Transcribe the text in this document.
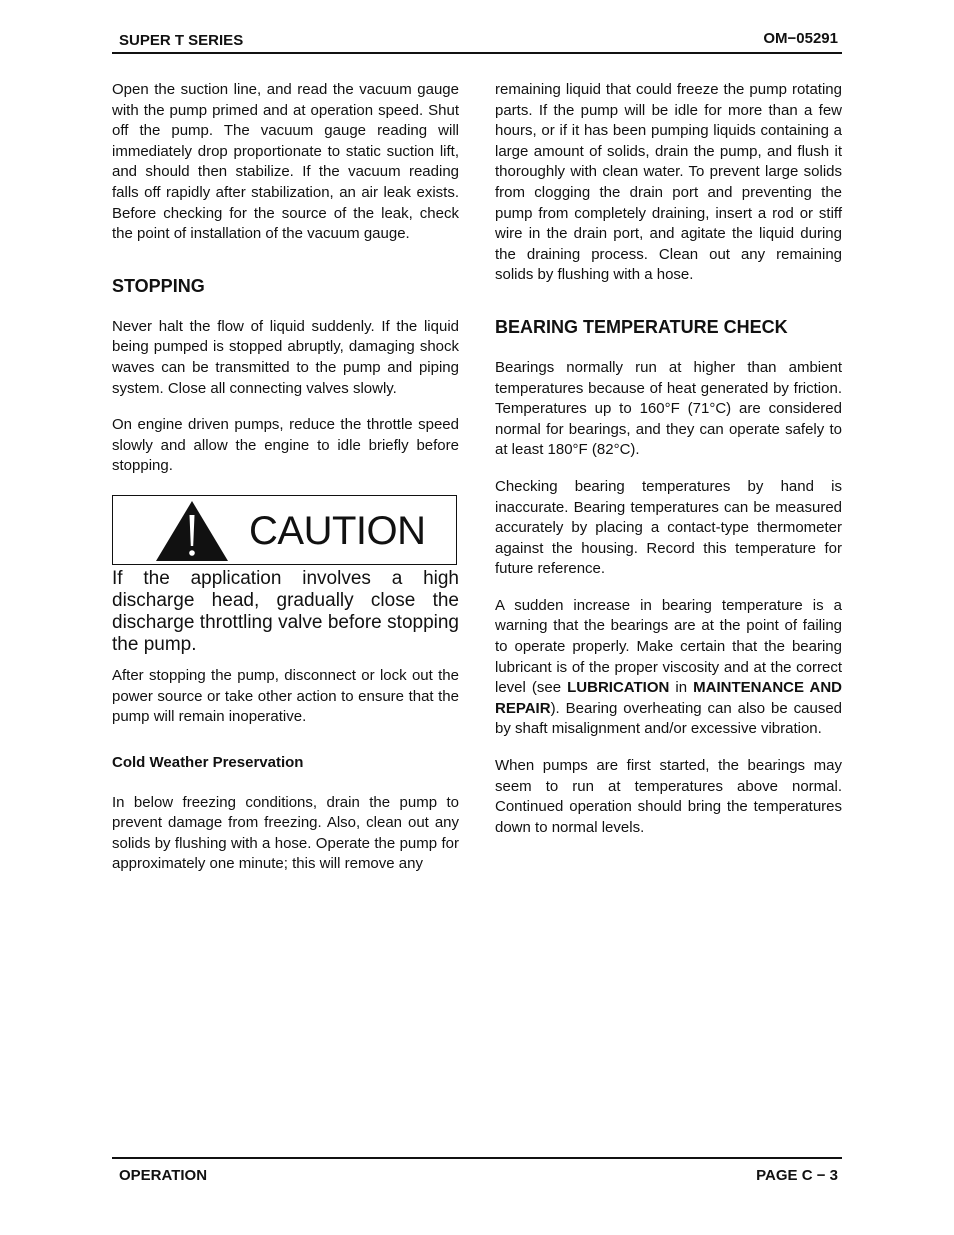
SUPER T SERIES	OM−05291

Open the suction line, and read the vacuum gauge with the pump primed and at operation speed. Shut off the pump. The vacuum gauge reading will immediately drop proportionate to static suction lift, and should then stabilize. If the vacuum reading falls off rapidly after stabilization, an air leak exists. Before checking for the source of the leak, check the point of installation of the vacuum gauge.

STOPPING

Never halt the flow of liquid suddenly. If the liquid being pumped is stopped abruptly, damaging shock waves can be transmitted to the pump and piping system. Close all connecting valves slowly.

On engine driven pumps, reduce the throttle speed slowly and allow the engine to idle briefly before stopping.

CAUTION

If the application involves a high discharge head, gradually close the discharge throttling valve before stopping the pump.

After stopping the pump, disconnect or lock out the power source or take other action to ensure that the pump will remain inoperative.

Cold Weather Preservation

In below freezing conditions, drain the pump to prevent damage from freezing. Also, clean out any solids by flushing with a hose. Operate the pump for approximately one minute; this will remove any

remaining liquid that could freeze the pump rotating parts. If the pump will be idle for more than a few hours, or if it has been pumping liquids containing a large amount of solids, drain the pump, and flush it thoroughly with clean water. To prevent large solids from clogging the drain port and preventing the pump from completely draining, insert a rod or stiff wire in the drain port, and agitate the liquid during the draining process. Clean out any remaining solids by flushing with a hose.

BEARING TEMPERATURE CHECK

Bearings normally run at higher than ambient temperatures because of heat generated by friction. Temperatures up to 160°F (71°C) are considered normal for bearings, and they can operate safely to at least 180°F (82°C).

Checking bearing temperatures by hand is inaccurate. Bearing temperatures can be measured accurately by placing a contact-type thermometer against the housing. Record this temperature for future reference.

A sudden increase in bearing temperature is a warning that the bearings are at the point of failing to operate properly. Make certain that the bearing lubricant is of the proper viscosity and at the correct level (see LUBRICATION in MAINTENANCE AND REPAIR). Bearing overheating can also be caused by shaft misalignment and/or excessive vibration.

When pumps are first started, the bearings may seem to run at temperatures above normal. Continued operation should bring the temperatures down to normal levels.

OPERATION	PAGE C − 3
